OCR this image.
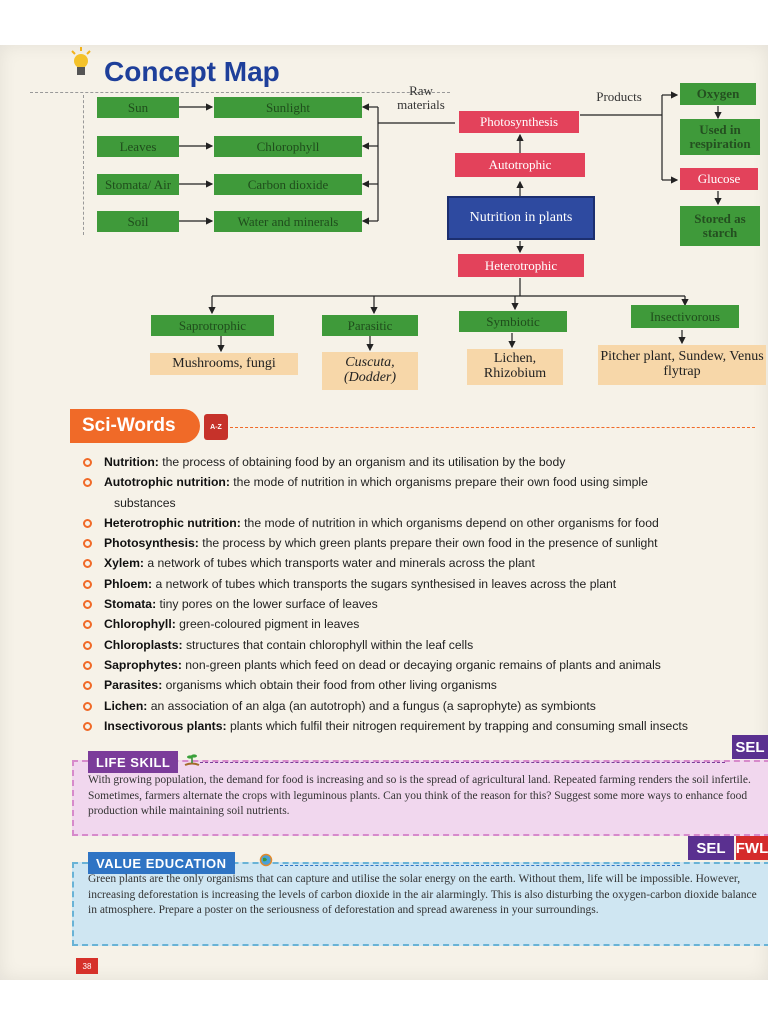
Concept Map
Sun
Leaves
Stomata/ Air
Soil
Sunlight
Chlorophyll
Carbon dioxide
Water and minerals
Raw materials
Products
Photosynthesis
Autotrophic
Nutrition in plants
Heterotrophic
Oxygen
Used in respiration
Glucose
Stored as starch
Saprotrophic	Parasitic	Symbiotic	Insectivorous
Mushrooms, fungi	Cuscuta, (Dodder)
Lichen, Rhizobium
Pitcher plant, Sundew, Venus flytrap
Sci-Words	A-Z
Nutrition: the process of obtaining food by an organism and its utilisation by the body
Autotrophic nutrition: the mode of nutrition in which organisms prepare their own food using simple
substances
Heterotrophic nutrition: the mode of nutrition in which organisms depend on other organisms for food
Photosynthesis: the process by which green plants prepare their own food in the presence of sunlight
Xylem: a network of tubes which transports water and minerals across the plant
Phloem: a network of tubes which transports the sugars synthesised in leaves across the plant
Stomata: tiny pores on the lower surface of leaves
Chlorophyll: green-coloured pigment in leaves
Chloroplasts: structures that contain chlorophyll within the leaf cells
Saprophytes: non-green plants which feed on dead or decaying organic remains of plants and animals
Parasites: organisms which obtain their food from other living organisms
Lichen: an association of an alga (an autotroph) and a fungus (a saprophyte) as symbionts
Insectivorous plants: plants which fulfil their nitrogen requirement by trapping and consuming small insects
LIFE SKILL
SEL
With growing population, the demand for food is increasing and so is the spread of agricultural land. Repeated farming renders the soil infertile. Sometimes, farmers alternate the crops with leguminous plants. Can you think of the reason for this? Suggest some more ways to enhance food production while maintaining soil nutrients.
SEL FWL
VALUE EDUCATION
Green plants are the only organisms that can capture and utilise the solar energy on the earth. Without them, life will be impossible. However, increasing deforestation is increasing the levels of carbon dioxide in the air alarmingly. This is also disturbing the oxygen-carbon dioxide balance in atmosphere. Prepare a poster on the seriousness of deforestation and spread awareness in your surroundings.
38
